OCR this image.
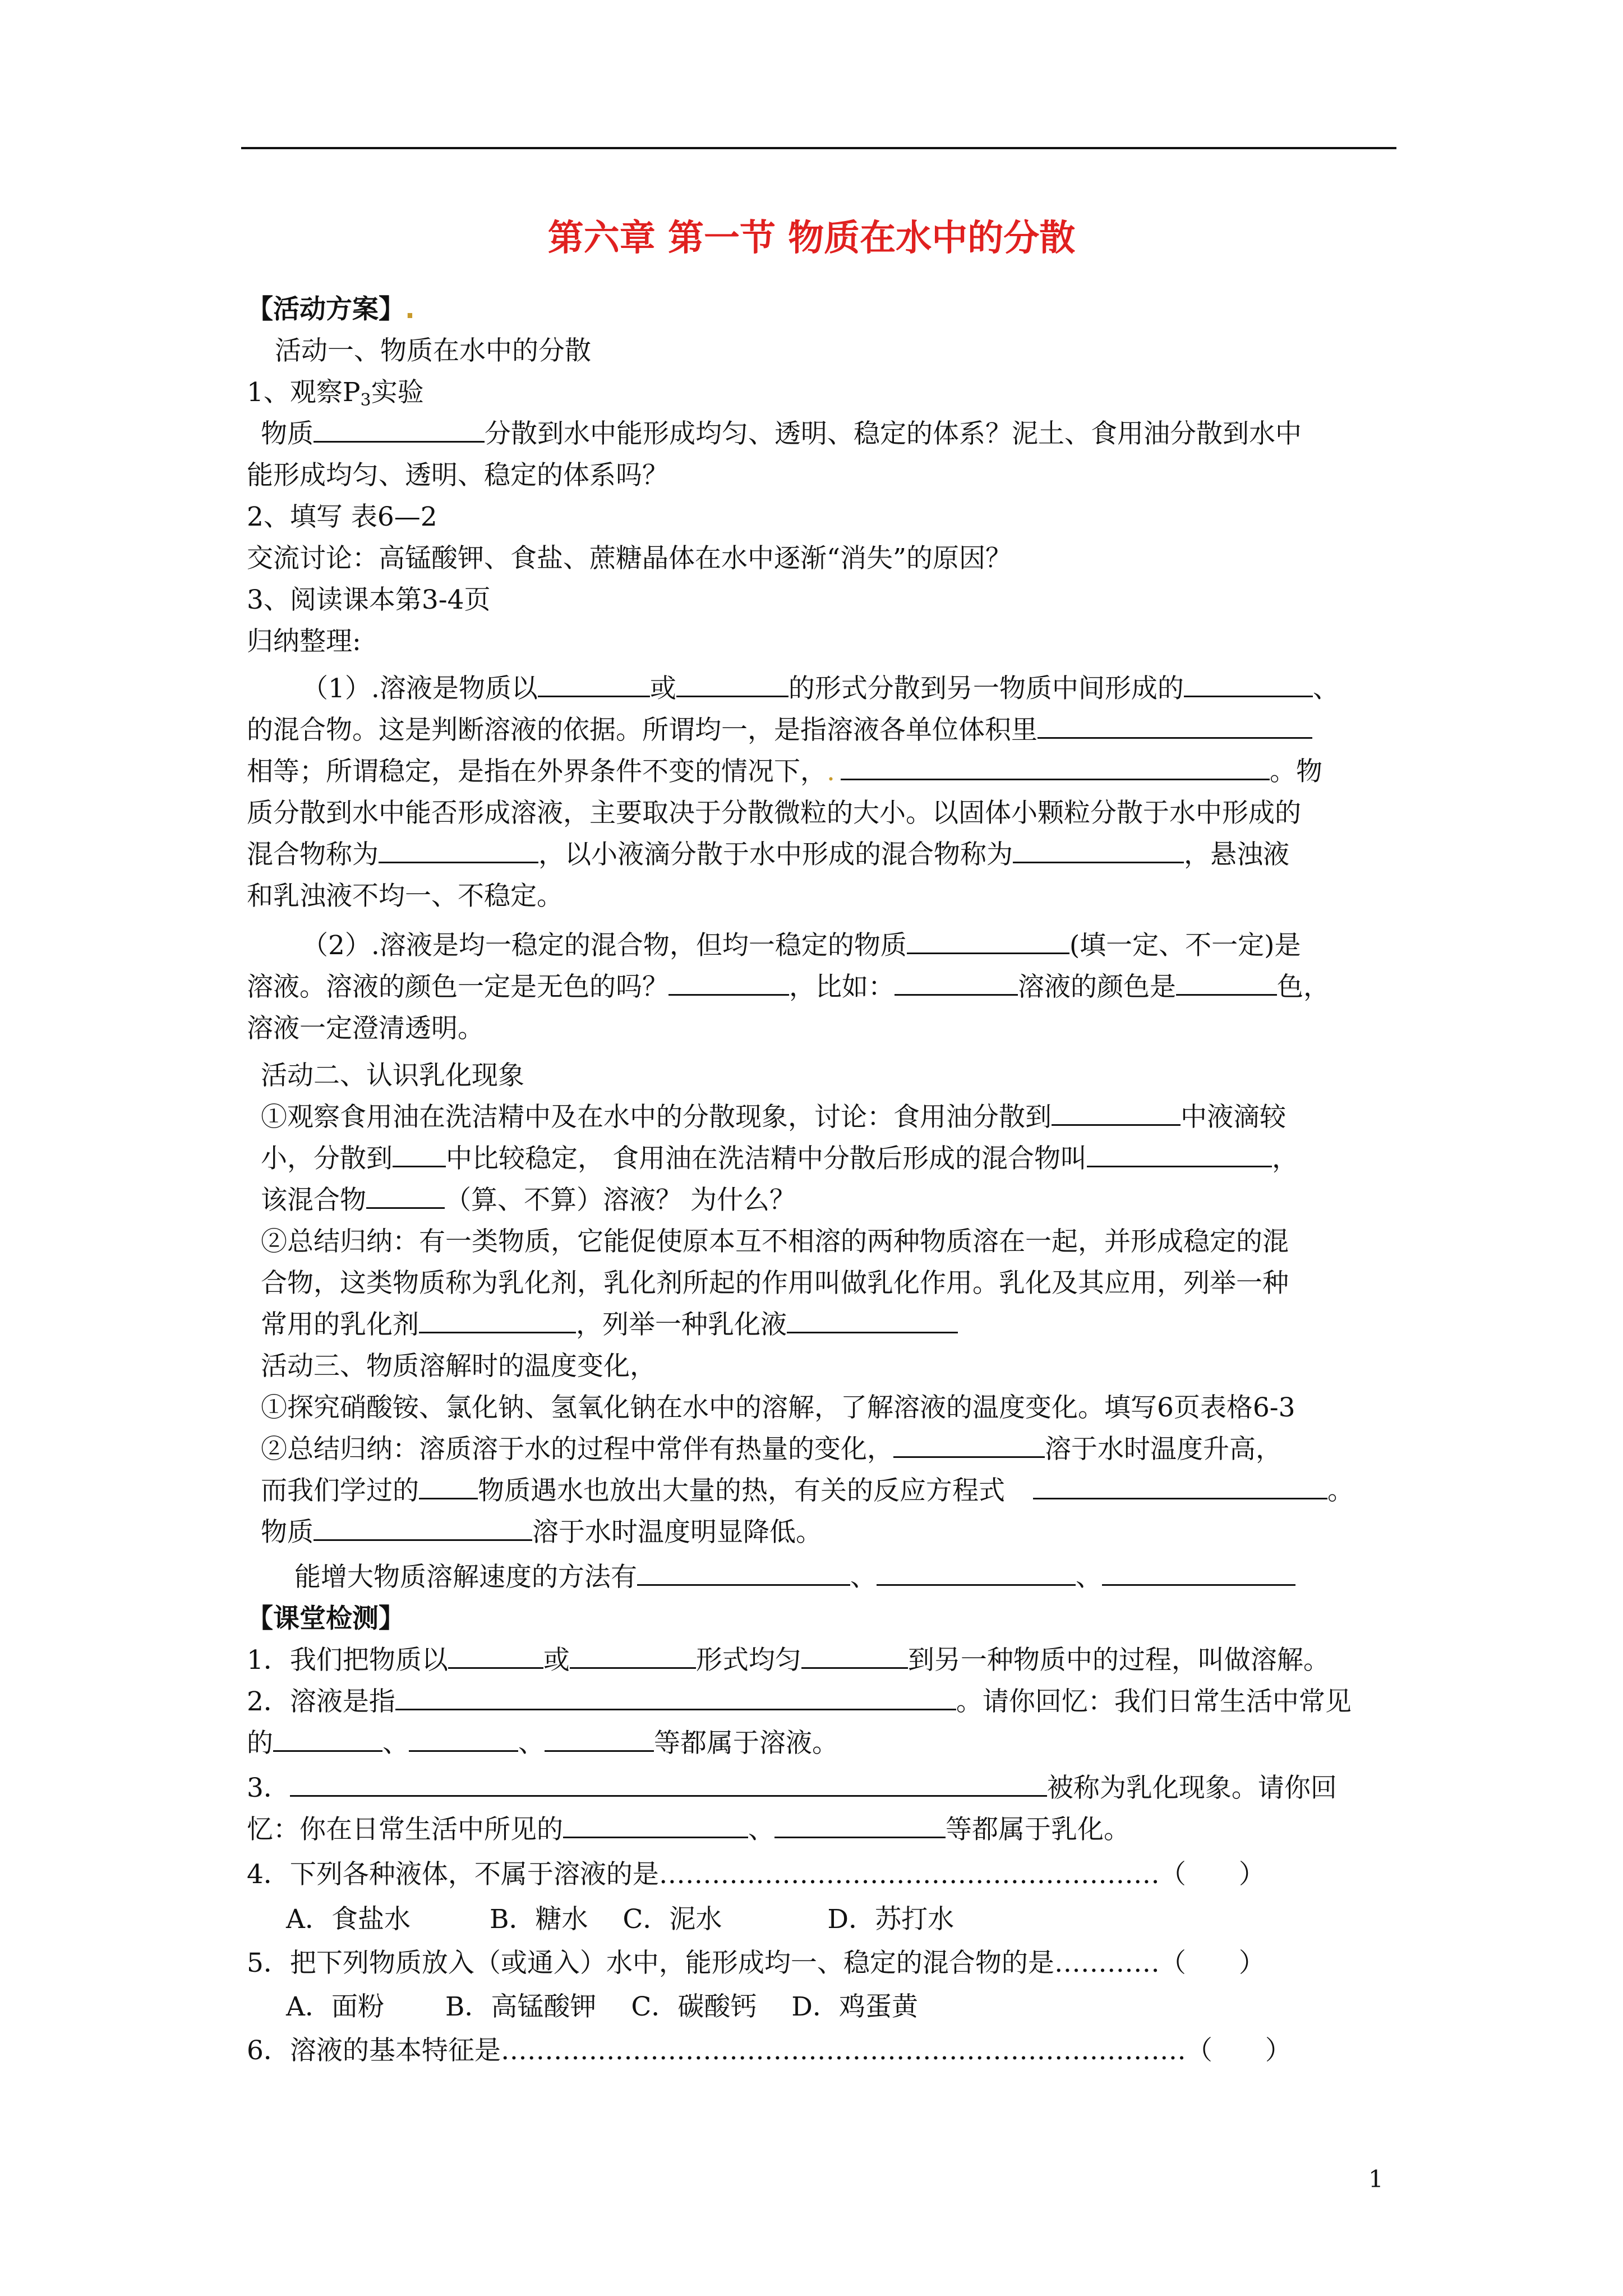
第六章 第一节 物质在水中的分散
【活动方案】.
活动一、物质在水中的分散
1、观察$P_3$实验
物质	分散到水中能形成均匀、透明、稳定的体系？泥土、食用油分散到水中
能形成均匀、透明、稳定的体系吗？
2、填写 表6—2
交流讨论：高锰酸钾、食盐、蔗糖晶体在水中逐渐“消失”的原因？
3、阅读课本第3-4页
归纳整理:
（1）.溶液是物质以	或	的形式分散到另一物质中间形成的	、
的混合物。这是判断溶液的依据。所谓均一，是指溶液各单位体积里
相等；所谓稳定，是指在外界条件不变的情况下，.	。物
质分散到水中能否形成溶液，主要取决于分散微粒的大小。以固体小颗粒分散于水中形成的
混合物称为	，以小液滴分散于水中形成的混合物称为	，悬浊液
和乳浊液不均一、不稳定。
（2）.溶液是均一稳定的混合物，但均一稳定的物质	(填一定、不一定)是
溶液。溶液的颜色一定是无色的吗？	，比如：	溶液的颜色是	色，
溶液一定澄清透明。
活动二、认识乳化现象
①观察食用油在洗洁精中及在水中的分散现象，讨论：食用油分散到	中液滴较
小，分散到 中比较稳定， 食用油在洗洁精中分散后形成的混合物叫	，
该混合物	（算、不算）溶液？ 为什么？
②总结归纳：有一类物质，它能促使原本互不相溶的两种物质溶在一起，并形成稳定的混
合物，这类物质称为乳化剂，乳化剂所起的作用叫做乳化作用。乳化及其应用，列举一种
常用的乳化剂	，列举一种乳化液
活动三、物质溶解时的温度变化，
①探究硝酸铵、氯化钠、氢氧化钠在水中的溶解，了解溶液的温度变化。填写6页表格6-3
②总结归纳：溶质溶于水的过程中常伴有热量的变化，	溶于水时温度升高，
而我们学过的 物质遇水也放出大量的热，有关的反应方程式	。
物质	溶于水时温度明显降低。
能增大物质溶解速度的方法有	、	、
【课堂检测】
1．我们把物质以	或	形式均匀	到另一种物质中的过程，叫做溶解。
2．溶液是指	。请你回忆：我们日常生活中常见
的	、	、	等都属于溶液。
3．	被称为乳化现象。请你回
忆：你在日常生活中所见的	、	等都属于乳化。
4．下列各种液体，不属于溶液的是…………………………………………………（　　）
A．食盐水　　　B．糖水　 C．泥水　　　　D．苏打水
5．把下列物质放入（或通入）水中，能形成均一、稳定的混合物的是…………（　　）
A．面粉　　 B．高锰酸钾　 C．碳酸钙　 D．鸡蛋黄
6．溶液的基本特征是……………………………………………………………………（　　）
1
